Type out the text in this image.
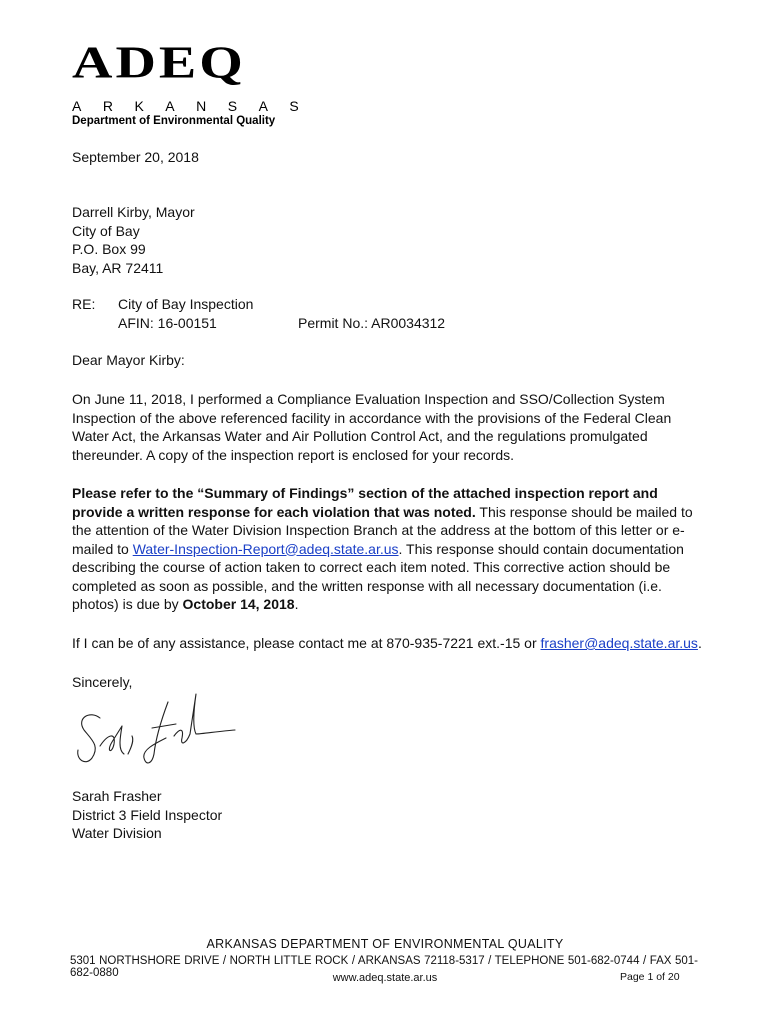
ADEQ
ARKANSAS
Department of Environmental Quality
September 20, 2018
Darrell Kirby, Mayor
City of Bay
P.O. Box 99
Bay, AR 72411
RE:	City of Bay Inspection
AFIN: 16-00151	Permit No.: AR0034312
Dear Mayor Kirby:
On June 11, 2018, I performed a Compliance Evaluation Inspection and SSO/Collection System
Inspection of the above referenced facility in accordance with the provisions of the Federal Clean
Water Act, the Arkansas Water and Air Pollution Control Act, and the regulations promulgated
thereunder. A copy of the inspection report is enclosed for your records.
Please refer to the “Summary of Findings” section of the attached inspection report and
provide a written response for each violation that was noted. This response should be mailed to
the attention of the Water Division Inspection Branch at the address at the bottom of this letter or e-
mailed to Water-Inspection-Report@adeq.state.ar.us. This response should contain documentation
describing the course of action taken to correct each item noted. This corrective action should be
completed as soon as possible, and the written response with all necessary documentation (i.e.
photos) is due by October 14, 2018.
If I can be of any assistance, please contact me at 870-935-7221 ext.-15 or frasher@adeq.state.ar.us.
Sincerely,
Sarah Frasher
District 3 Field Inspector
Water Division
ARKANSAS DEPARTMENT OF ENVIRONMENTAL QUALITY
5301 NORTHSHORE DRIVE / NORTH LITTLE ROCK / ARKANSAS 72118-5317 / TELEPHONE 501-682-0744 / FAX 501-682-0880	www.adeq.state.ar.us	Page 1 of 20
